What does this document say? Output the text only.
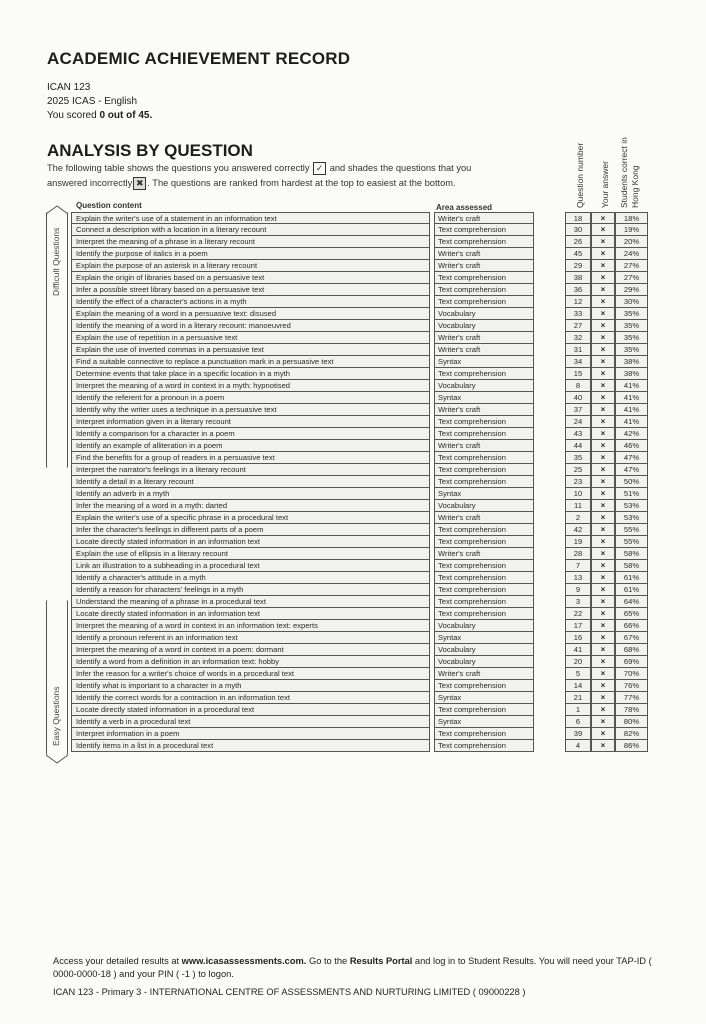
ACADEMIC ACHIEVEMENT RECORD
ICAN 123
2025 ICAS - English
You scored 0 out of 45.
ANALYSIS BY QUESTION
The following table shows the questions you answered correctly ✓ and shades the questions that you
answered incorrectly ✖ . The questions are ranked from hardest at the top to easiest at the bottom.
Question content	Area assessed	Question number Your answer Students correct in Hong Kong
Difficult Questions
Easy Questions
Explain the writer's use of a statement in an information text	Writer's craft	18	×	18%
Connect a description with a location in a literary recount	Text comprehension	30	×	19%
Interpret the meaning of a phrase in a literary recount	Text comprehension	26	×	20%
Identify the purpose of italics in a poem	Writer's craft	45	×	24%
Explain the purpose of an asterisk in a literary recount	Writer's craft	29	×	27%
Explain the origin of libraries based on a persuasive text	Text comprehension	38	×	27%
Infer a possible street library based on a persuasive text	Text comprehension	36	×	29%
Identify the effect of a character's actions in a myth	Text comprehension	12	×	30%
Explain the meaning of a word in a persuasive text: disused	Vocabulary	33	×	35%
Identify the meaning of a word in a literary recount: manoeuvred	Vocabulary	27	×	35%
Explain the use of repetition in a persuasive text	Writer's craft	32	×	35%
Explain the use of inverted commas in a persuasive text	Writer's craft	31	×	35%
Find a suitable connective to replace a punctuation mark in a persuasive text	Syntax	34	×	38%
Determine events that take place in a specific location in a myth	Text comprehension	15	×	38%
Interpret the meaning of a word in context in a myth: hypnotised	Vocabulary	8	×	41%
Identify the referent for a pronoun in a poem	Syntax	40	×	41%
Identify why the writer uses a technique in a persuasive text	Writer's craft	37	×	41%
Interpret information given in a literary recount	Text comprehension	24	×	41%
Identify a comparison for a character in a poem	Text comprehension	43	×	42%
Identify an example of alliteration in a poem	Writer's craft	44	×	46%
Find the benefits for a group of readers in a persuasive text	Text comprehension	35	×	47%
Interpret the narrator's feelings in a literary recount	Text comprehension	25	×	47%
Identify a detail in a literary recount	Text comprehension	23	×	50%
Identify an adverb in a myth	Syntax	10	×	51%
Infer the meaning of a word in a myth: darted	Vocabulary	11	×	53%
Explain the writer's use of a specific phrase in a procedural text	Writer's craft	2	×	53%
Infer the character's feelings in different parts of a poem	Text comprehension	42	×	55%
Locate directly stated information in an information text	Text comprehension	19	×	55%
Explain the use of ellipsis in a literary recount	Writer's craft	28	×	58%
Link an illustration to a subheading in a procedural text	Text comprehension	7	×	58%
Identify a character's attitude in a myth	Text comprehension	13	×	61%
Identify a reason for characters' feelings in a myth	Text comprehension	9	×	61%
Understand the meaning of a phrase in a procedural text	Text comprehension	3	×	64%
Locate directly stated information in an information text	Text comprehension	22	×	65%
Interpret the meaning of a word in context in an information text: experts	Vocabulary	17	×	66%
Identify a pronoun referent in an information text	Syntax	16	×	67%
Interpret the meaning of a word in context in a poem: dormant	Vocabulary	41	×	68%
Identify a word from a definition in an information text: hobby	Vocabulary	20	×	69%
Infer the reason for a writer's choice of words in a procedural text	Writer's craft	5	×	70%
Identify what is important to a character in a myth	Text comprehension	14	×	76%
Identify the correct words for a contraction in an information text	Syntax	21	×	77%
Locate directly stated information in a procedural text	Text comprehension	1	×	78%
Identify a verb in a procedural text	Syntax	6	×	80%
Interpret information in a poem	Text comprehension	39	×	82%
Identify items in a list in a procedural text	Text comprehension	4	×	86%
Access your detailed results at www.icasassessments.com. Go to the Results Portal and log in to Student Results. You will need your TAP-ID ( 0000-0000-18 ) and your PIN ( -1 ) to logon.
ICAN 123 - Primary 3 - INTERNATIONAL CENTRE OF ASSESSMENTS AND NURTURING LIMITED ( 09000228 )
